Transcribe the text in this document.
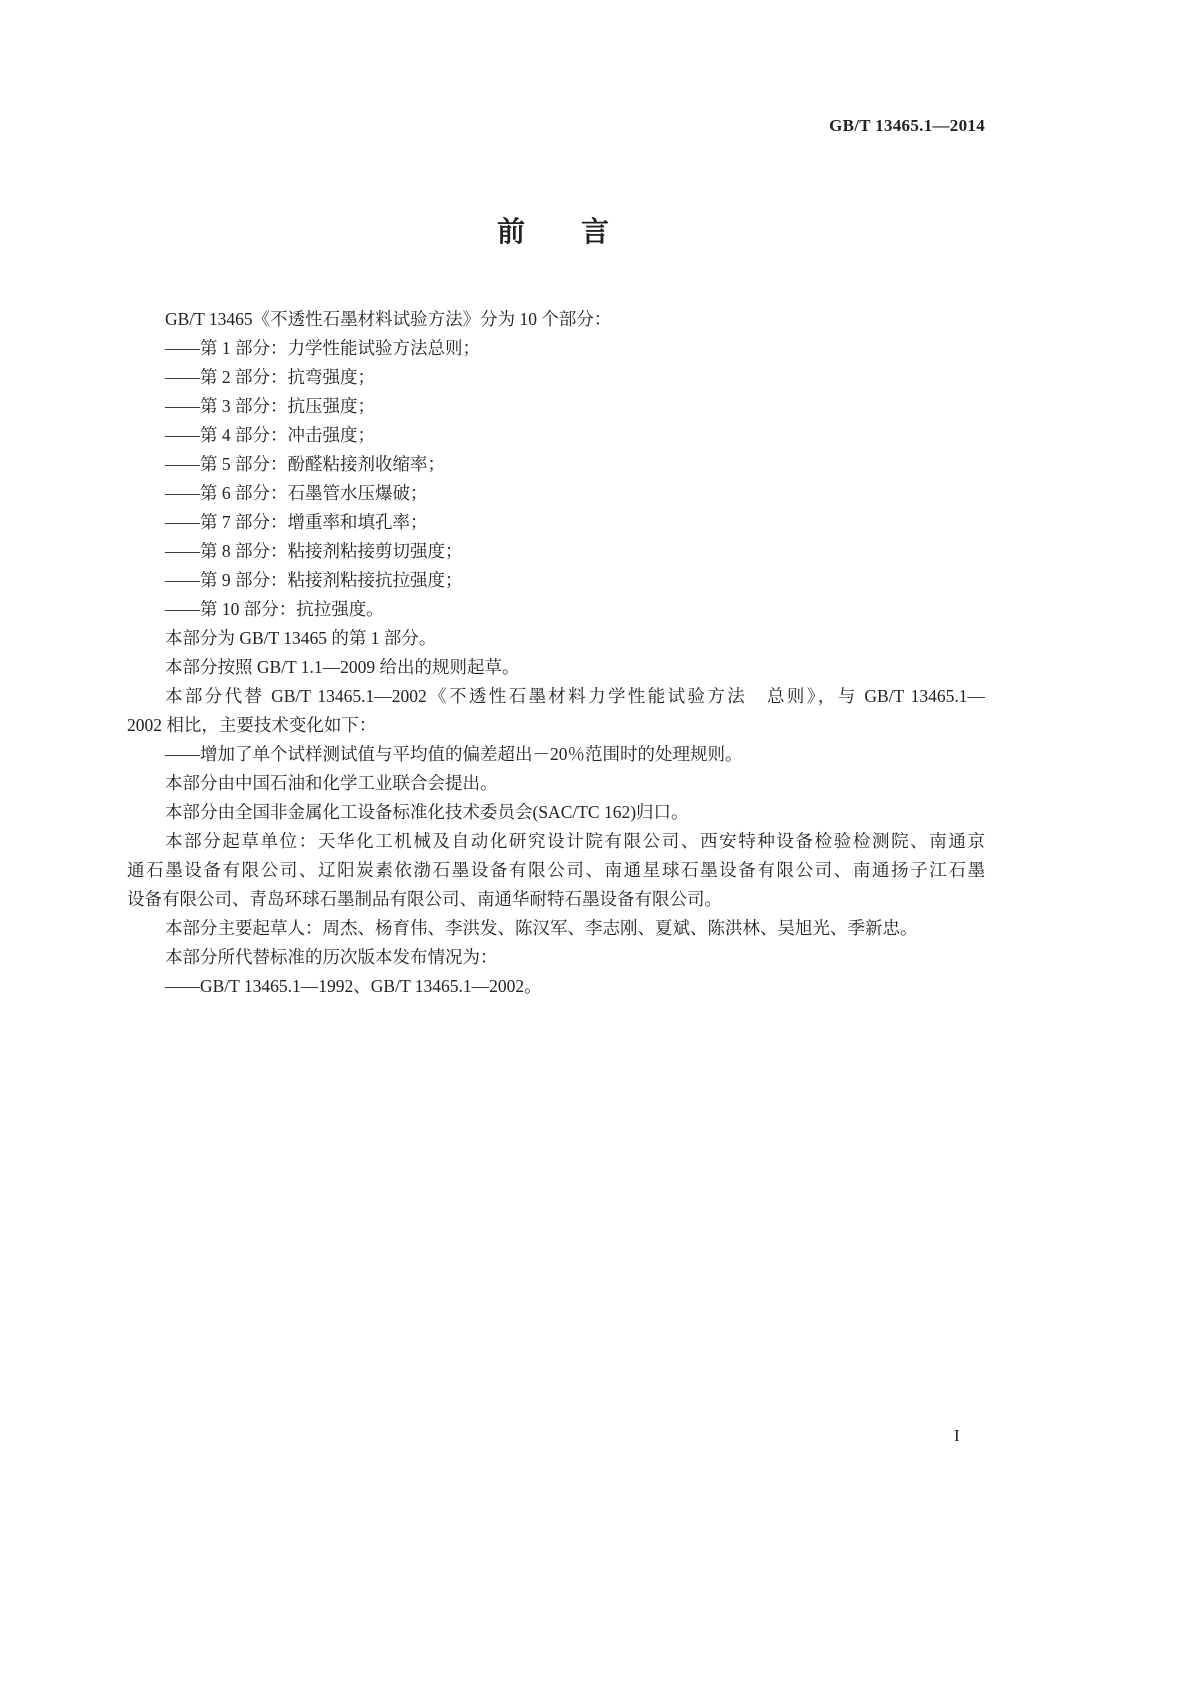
GB/T 13465.1—2014
前 言
GB/T 13465《不透性石墨材料试验方法》分为 10 个部分：
——第 1 部分：力学性能试验方法总则；
——第 2 部分：抗弯强度；
——第 3 部分：抗压强度；
——第 4 部分：冲击强度；
——第 5 部分：酚醛粘接剂收缩率；
——第 6 部分：石墨管水压爆破；
——第 7 部分：增重率和填孔率；
——第 8 部分：粘接剂粘接剪切强度；
——第 9 部分：粘接剂粘接抗拉强度；
——第 10 部分：抗拉强度。
本部分为 GB/T 13465 的第 1 部分。
本部分按照 GB/T 1.1—2009 给出的规则起草。
本部分代替 GB/T 13465.1—2002《不透性石墨材料力学性能试验方法　总则》，与 GB/T 13465.1—
2002 相比，主要技术变化如下：
——增加了单个试样测试值与平均值的偏差超出－20％范围时的处理规则。
本部分由中国石油和化学工业联合会提出。
本部分由全国非金属化工设备标准化技术委员会(SAC/TC 162)归口。
本部分起草单位：天华化工机械及自动化研究设计院有限公司、西安特种设备检验检测院、南通京
通石墨设备有限公司、辽阳炭素依渤石墨设备有限公司、南通星球石墨设备有限公司、南通扬子江石墨
设备有限公司、青岛环球石墨制品有限公司、南通华耐特石墨设备有限公司。
本部分主要起草人：周杰、杨育伟、李洪发、陈汉军、李志刚、夏斌、陈洪林、吴旭光、季新忠。
本部分所代替标准的历次版本发布情况为：
——GB/T 13465.1—1992、GB/T 13465.1—2002。
I
